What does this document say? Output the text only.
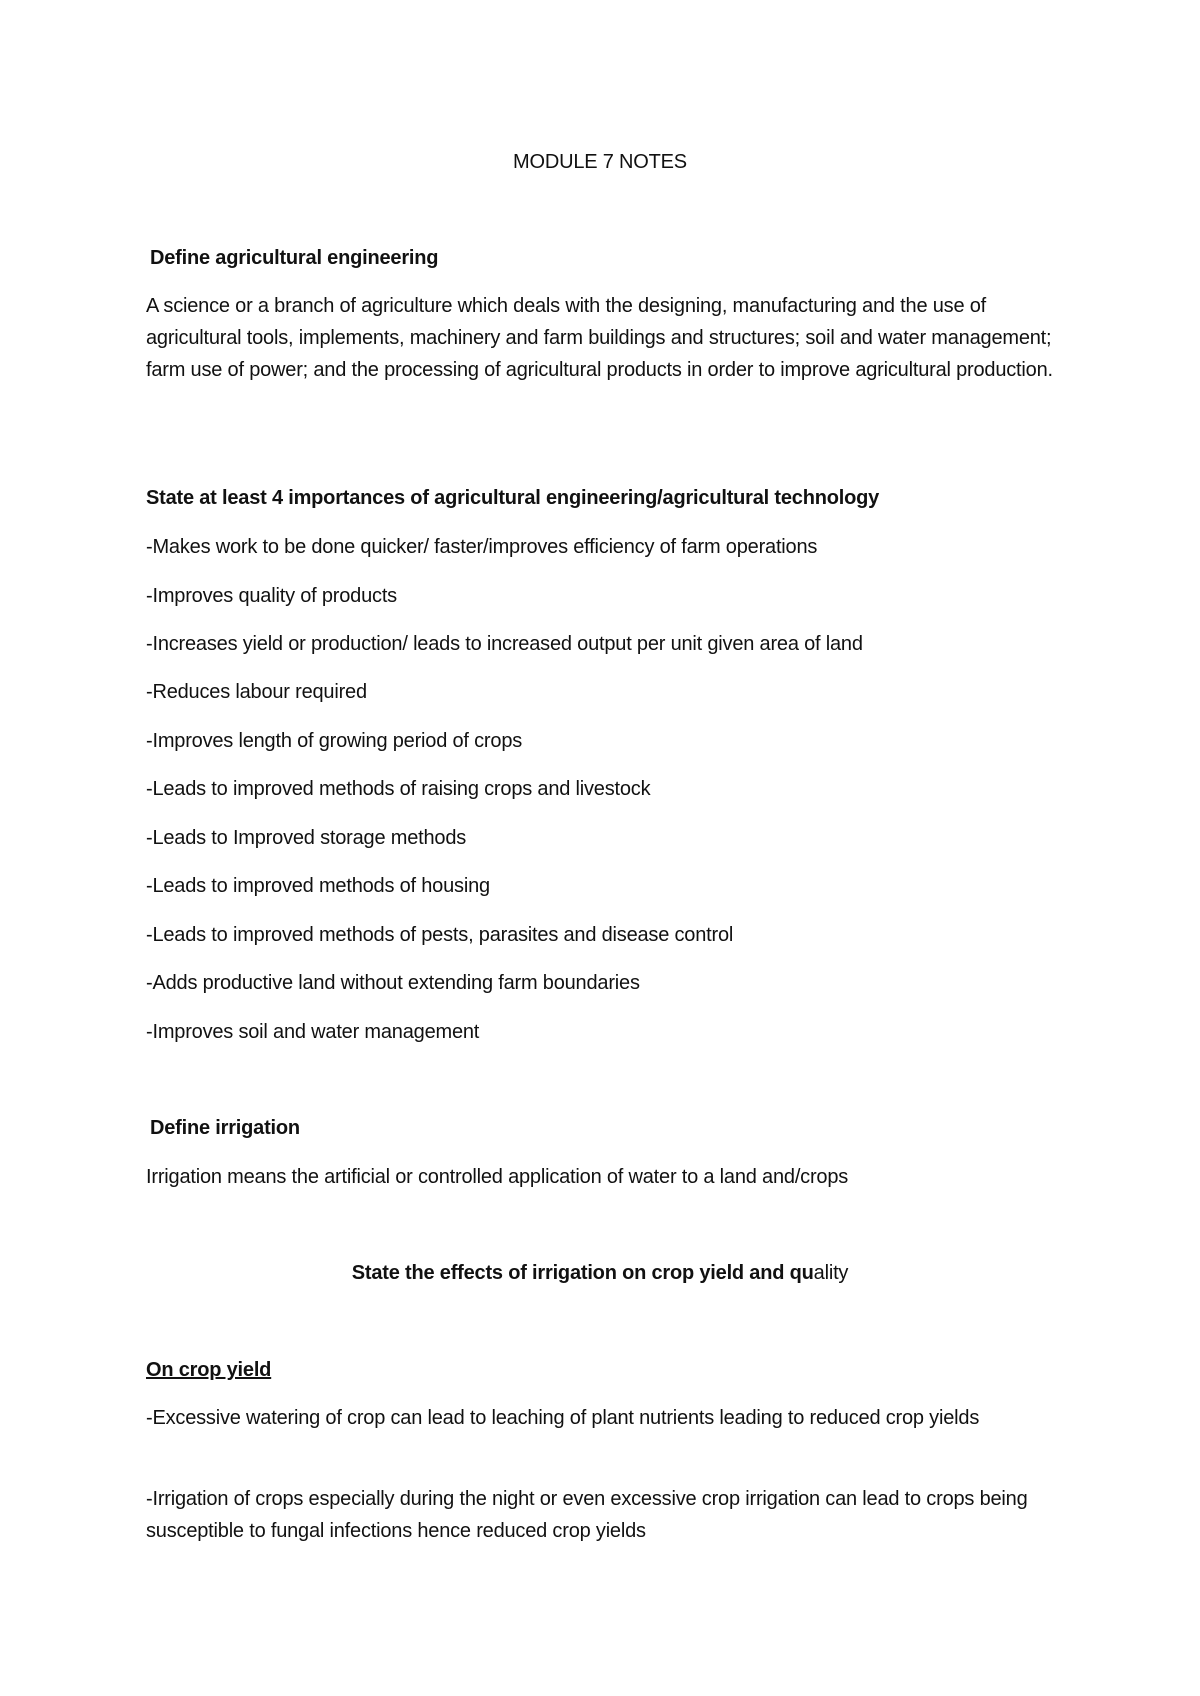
MODULE 7 NOTES
Define agricultural engineering
A science or a branch of agriculture which deals with the designing, manufacturing and the use of agricultural tools, implements, machinery and farm buildings and structures; soil and water management; farm use of power; and the processing of agricultural products in order to improve agricultural production.
State at least 4 importances of agricultural engineering/agricultural technology
-Makes work to be done quicker/ faster/improves efficiency of farm operations
-Improves quality of products
-Increases yield or production/ leads to increased output per unit given area of land
-Reduces labour required
-Improves length of growing period of crops
-Leads to improved methods of raising crops and livestock
-Leads to Improved storage methods
-Leads to improved methods of housing
-Leads to improved methods of pests, parasites and disease control
-Adds productive land without extending farm boundaries
-Improves soil and water management
Define irrigation
Irrigation means the artificial or controlled application of water to a land and/crops
State the effects of irrigation on crop yield and quality
On crop yield
-Excessive watering of crop can lead to leaching of plant nutrients leading to reduced crop yields
-Irrigation of crops especially during the night or even excessive crop irrigation can lead to crops being susceptible to fungal infections hence reduced crop yields
